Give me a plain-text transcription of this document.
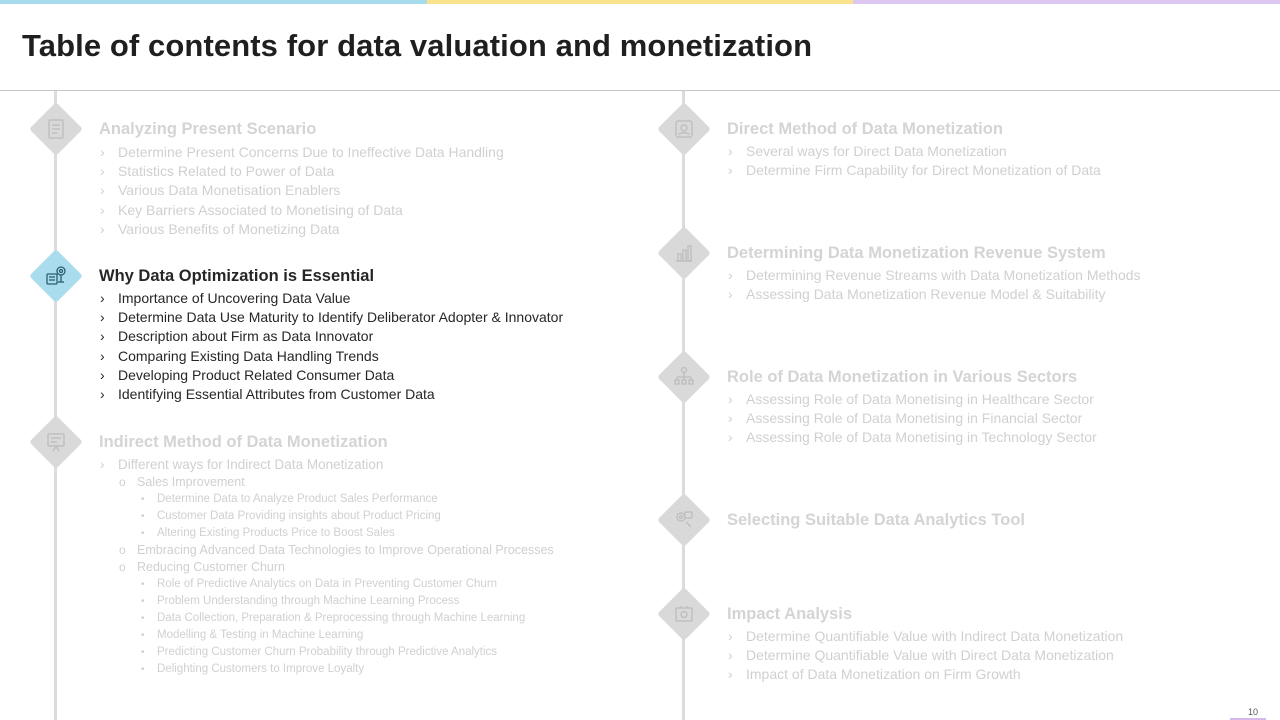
Table of contents for data valuation and monetization
Analyzing Present Scenario
› Determine Present Concerns Due to Ineffective Data Handling
› Statistics Related to Power of Data
› Various Data Monetisation Enablers
› Key Barriers Associated to Monetising of Data
› Various Benefits of Monetizing Data
Why Data Optimization is Essential
› Importance of Uncovering Data Value
› Determine Data Use Maturity to Identify Deliberator Adopter & Innovator
› Description about Firm as Data Innovator
› Comparing Existing Data Handling Trends
› Developing Product Related Consumer Data
› Identifying Essential Attributes from Customer Data
Indirect Method of Data Monetization
› Different ways for Indirect Data Monetization
o Sales Improvement
• Determine Data to Analyze Product Sales Performance
• Customer Data Providing insights about Product Pricing
• Altering Existing Products Price to Boost Sales
o Embracing Advanced Data Technologies to Improve Operational Processes
o Reducing Customer Churn
• Role of Predictive Analytics on Data in Preventing Customer Churn
• Problem Understanding through Machine Learning Process
• Data Collection, Preparation & Preprocessing through Machine Learning
• Modelling & Testing in Machine Learning
• Predicting Customer Churn Probability through Predictive Analytics
• Delighting Customers to Improve Loyalty
Direct Method of Data Monetization
› Several ways for Direct Data Monetization
› Determine Firm Capability for Direct Monetization of Data
Determining Data Monetization Revenue System
› Determining Revenue Streams with Data Monetization Methods
› Assessing Data Monetization Revenue Model & Suitability
Role of Data Monetization in Various Sectors
› Assessing Role of Data Monetising in Healthcare Sector
› Assessing Role of Data Monetising in Financial Sector
› Assessing Role of Data Monetising in Technology Sector
Selecting Suitable Data Analytics Tool
Impact Analysis
› Determine Quantifiable Value with Indirect Data Monetization
› Determine Quantifiable Value with Direct Data Monetization
› Impact of Data Monetization on Firm Growth
10
